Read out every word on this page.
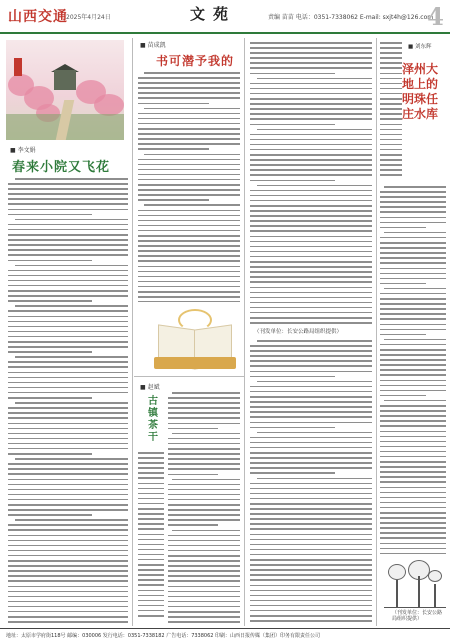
山西交通
2025年4月24日	文苑	责编 苗苗 电话：0351-7338062 E-mail: sxjt4h@126.com
4
■ 李文娟
春来小院又飞花
■ 苗成凯
书可潜予我的
（刊发单位：长安公路局组织提供）
■ 赵斌
古镇茶干
■ 刘东辉
泽州大地上的明珠任庄水库
（刊发单位：长安公路局组织提供）
地址：太原市学府街118号 邮编：030006 发行电话：0351-7338182 广告电话：7338062 印刷：山西日报传媒（集团）印务有限责任公司
